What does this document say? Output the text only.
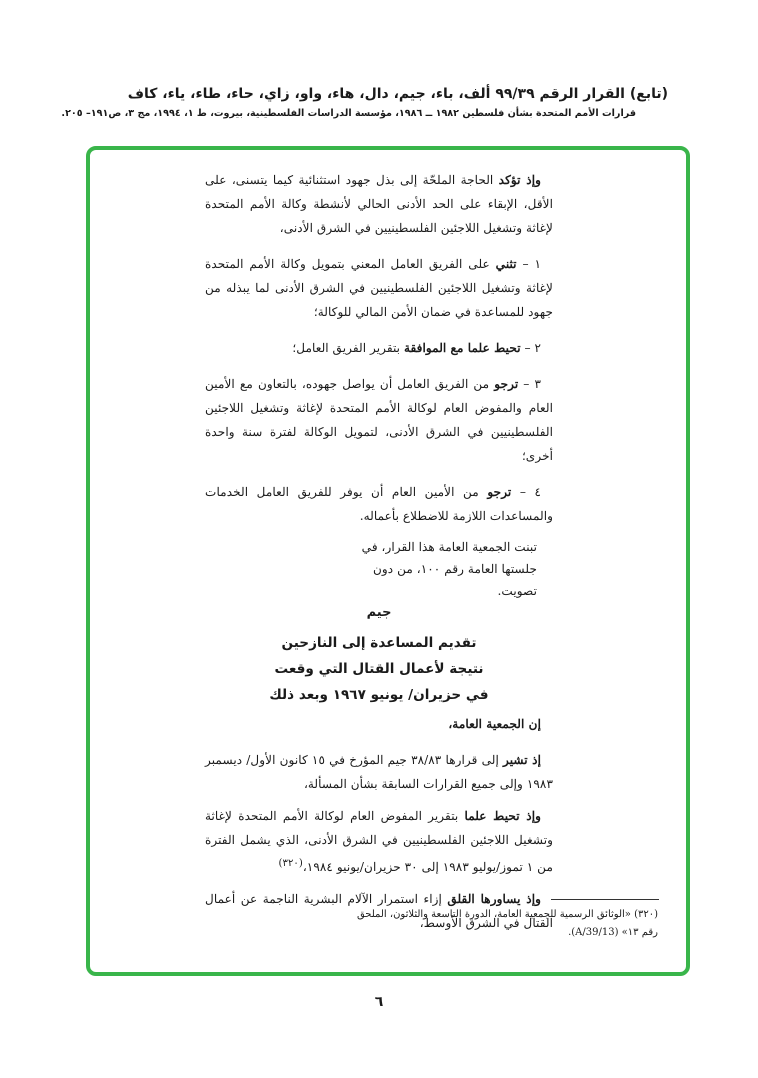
(تابع) القرار الرقم ٩٩/٣٩ ألف، باء، جيم، دال، هاء، واو، زاي، حاء، طاء، ياء، كاف
قرارات الأمم المتحدة بشأن فلسطين ١٩٨٢ ــ ١٩٨٦، مؤسسة الدراسات الفلسطينية، بيروت، ط ١، ١٩٩٤، مج ٣، ص١٩١– ٢٠٥.

وإذ تؤكد الحاجة الملحّة إلى بذل جهود استثنائية كيما يتسنى، على الأقل، الإبقاء على الحد الأدنى الحالي لأنشطة وكالة الأمم المتحدة لإغاثة وتشغيل اللاجئين الفلسطينيين في الشرق الأدنى،

١ – تثني على الفريق العامل المعني بتمويل وكالة الأمم المتحدة لإغاثة وتشغيل اللاجئين الفلسطينيين في الشرق الأدنى لما يبذله من جهود للمساعدة في ضمان الأمن المالي للوكالة؛

٢ – تحيط علما مع الموافقة بتقرير الفريق العامل؛

٣ – ترجو من الفريق العامل أن يواصل جهوده، بالتعاون مع الأمين العام والمفوض العام لوكالة الأمم المتحدة لإغاثة وتشغيل اللاجئين الفلسطينيين في الشرق الأدنى، لتمويل الوكالة لفترة سنة واحدة أخرى؛

٤ – ترجو من الأمين العام أن يوفر للفريق العامل الخدمات والمساعدات اللازمة للاضطلاع بأعماله.

تبنت الجمعية العامة هذا القرار، في جلستها العامة رقم ١٠٠، من دون تصويت.
جيم
تقديم المساعدة إلى النازحين
نتيجة لأعمال القتال التي وقعت
في حزيران/ يونيو ١٩٦٧ وبعد ذلك

إن الجمعية العامة،

إذ تشير إلى قرارها ٣٨/٨٣ جيم المؤرخ في ١٥ كانون الأول/ ديسمبر ١٩٨٣ وإلى جميع القرارات السابقة بشأن المسألة،

وإذ تحيط علما بتقرير المفوض العام لوكالة الأمم المتحدة لإغاثة وتشغيل اللاجئين الفلسطينيين في الشرق الأدنى، الذي يشمل الفترة من ١ تموز/يوليو ١٩٨٣ إلى ٣٠ حزيران/يونيو ١٩٨٤،$^{(٣٢٠)}$

وإذ يساورها القلق إزاء استمرار الآلام البشرية الناجمة عن أعمال القتال في الشرق الأوسط،

(٣٢٠) «الوثائق الرسمية للجمعية العامة، الدورة التاسعة والثلاثون، الملحق رقم ١٣» (A/39/13).
٦
